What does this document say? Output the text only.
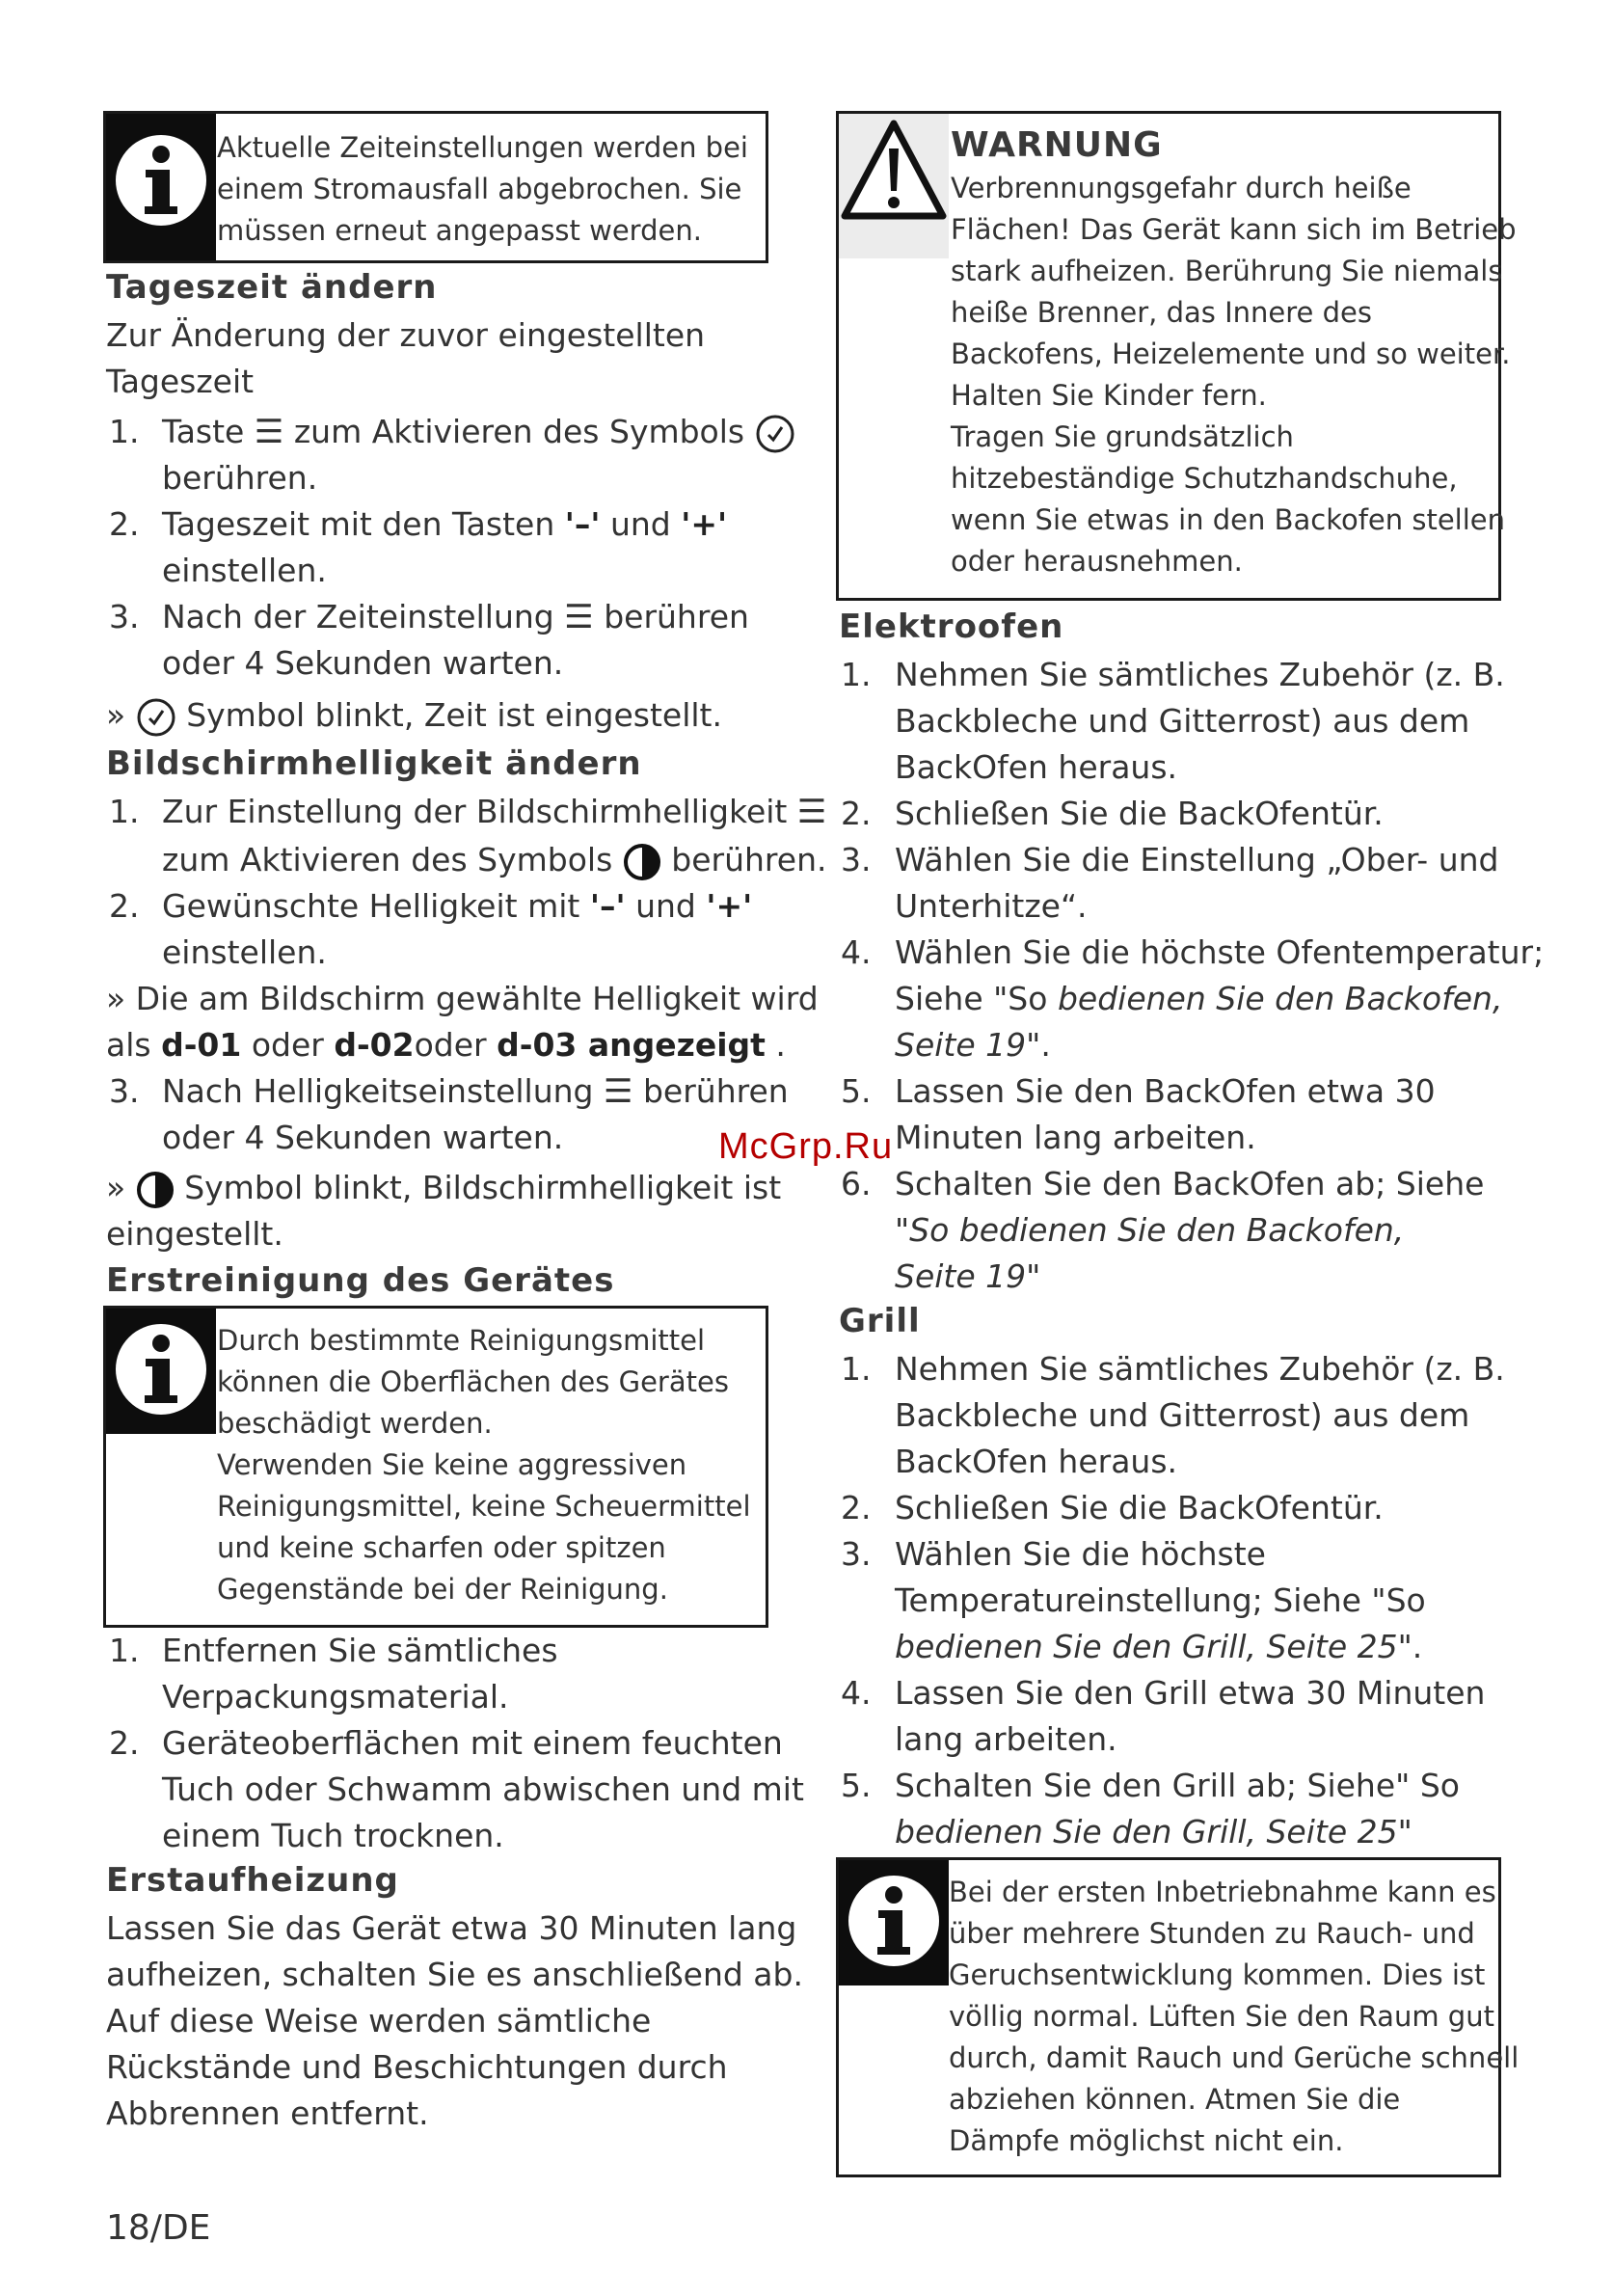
Aktuelle Zeiteinstellungen werden bei

einem Stromausfall abgebrochen. Sie

müssen erneut angepasst werden.

Tageszeit ändern

Zur Änderung der zuvor eingestellten

Tageszeit

1. Taste ☰ zum Aktivieren des Symbols

berühren.

2. Tageszeit mit den Tasten '–' und '+'

einstellen.

3. Nach der Zeiteinstellung ☰ berühren

oder 4 Sekunden warten.

» Symbol blinkt, Zeit ist eingestellt.

Bildschirmhelligkeit ändern
1. Zur Einstellung der Bildschirmhelligkeit ☰

zum Aktivieren des Symbols berühren.

2. Gewünschte Helligkeit mit '–' und '+'

einstellen.

» Die am Bildschirm gewählte Helligkeit wird

als d-01 oder d-02oder d-03 angezeigt .

3. Nach Helligkeitseinstellung ☰ berühren

oder 4 Sekunden warten.

» Symbol blinkt, Bildschirmhelligkeit ist

eingestellt.

Erstreinigung des Gerätes

Durch bestimmte Reinigungsmittel

können die Oberflächen des Gerätes

beschädigt werden.

Verwenden Sie keine aggressiven

Reinigungsmittel, keine Scheuermittel

und keine scharfen oder spitzen

Gegenstände bei der Reinigung.

1. Entfernen Sie sämtliches

Verpackungsmaterial.

2. Geräteoberflächen mit einem feuchten

Tuch oder Schwamm abwischen und mit

einem Tuch trocknen.

Erstaufheizung

Lassen Sie das Gerät etwa 30 Minuten lang

aufheizen, schalten Sie es anschließend ab.

Auf diese Weise werden sämtliche

Rückstände und Beschichtungen durch

Abbrennen entfernt.

18/DE

WARNUNG

Verbrennungsgefahr durch heiße

Flächen! Das Gerät kann sich im Betrieb

stark aufheizen. Berührung Sie niemals

heiße Brenner, das Innere des

Backofens, Heizelemente und so weiter.

Halten Sie Kinder fern.

Tragen Sie grundsätzlich

hitzebeständige Schutzhandschuhe,

wenn Sie etwas in den Backofen stellen

oder herausnehmen.

Elektroofen
1. Nehmen Sie sämtliches Zubehör (z. B.

Backbleche und Gitterrost) aus dem

BackOfen heraus.

2. Schließen Sie die BackOfentür.

3. Wählen Sie die Einstellung „Ober- und

Unterhitze“.

4. Wählen Sie die höchste Ofentemperatur;

Siehe "So bedienen Sie den Backofen,

Seite 19".

5. Lassen Sie den BackOfen etwa 30

Minuten lang arbeiten.

6. Schalten Sie den BackOfen ab; Siehe

"So bedienen Sie den Backofen,

Seite 19"

McGrp.Ru
Grill
1. Nehmen Sie sämtliches Zubehör (z. B.

Backbleche und Gitterrost) aus dem

BackOfen heraus.

2. Schließen Sie die BackOfentür.

3. Wählen Sie die höchste

Temperatureinstellung; Siehe "So

bedienen Sie den Grill, Seite 25".

4. Lassen Sie den Grill etwa 30 Minuten

lang arbeiten.

5. Schalten Sie den Grill ab; Siehe" So

bedienen Sie den Grill, Seite 25"

Bei der ersten Inbetriebnahme kann es

über mehrere Stunden zu Rauch- und

Geruchsentwicklung kommen. Dies ist

völlig normal. Lüften Sie den Raum gut

durch, damit Rauch und Gerüche schnell

abziehen können. Atmen Sie die

Dämpfe möglichst nicht ein.
